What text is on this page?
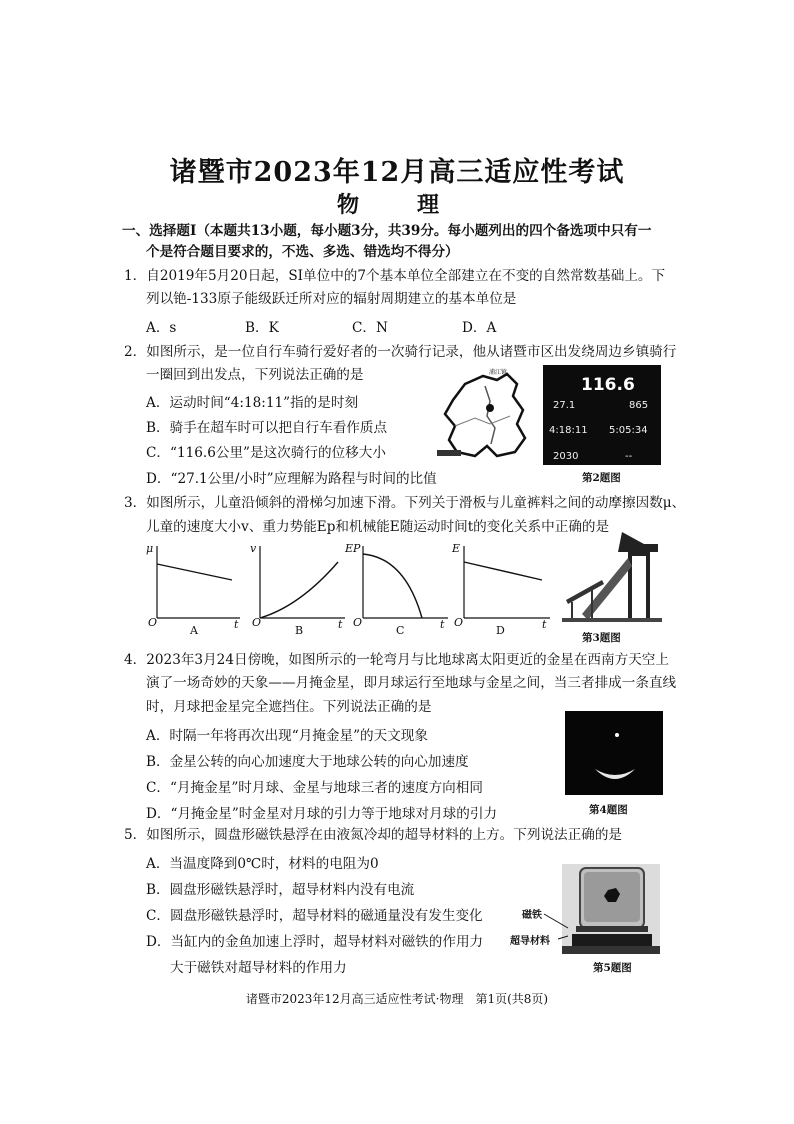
诸暨市2023年12月高三适应性考试
物　理
一、选择题Ⅰ（本题共13小题，每小题3分，共39分。每小题列出的四个备选项中只有一
个是符合题目要求的，不选、多选、错选均不得分）
1．自2019年5月20日起，SI单位中的7个基本单位全部建立在不变的自然常数基础上。下
列以铯-133原子能级跃迁所对应的辐射周期建立的基本单位是
A．s	B．K	C．N	D．A
2．如图所示，是一位自行车骑行爱好者的一次骑行记录，他从诸暨市区出发绕周边乡镇骑行
一圈回到出发点，下列说法正确的是
A．运动时间“4:18:11”指的是时刻
B．骑手在超车时可以把自行车看作质点
C．“116.6公里”是这次骑行的位移大小
D．“27.1公里/小时”应理解为路程与时间的比值
浦江镇
116.6
27.1	865
4:18:11 5:05:34
2030	--
第2题图
3．如图所示，儿童沿倾斜的滑梯匀加速下滑。下列关于滑板与儿童裤料之间的动摩擦因数μ、
儿童的速度大小v、重力势能Ep和机械能E随运动时间t的变化关系中正确的是
μ
O	t
A
v
O	t
B
EP
O	t
C
E
O	t
D
第3题图
4．2023年3月24日傍晚，如图所示的一轮弯月与比地球离太阳更近的金星在西南方天空上
演了一场奇妙的天象——月掩金星，即月球运行至地球与金星之间，当三者排成一条直线
时，月球把金星完全遮挡住。下列说法正确的是
A．时隔一年将再次出现“月掩金星”的天文现象
B．金星公转的向心加速度大于地球公转的向心加速度
C．“月掩金星”时月球、金星与地球三者的速度方向相同
D．“月掩金星”时金星对月球的引力等于地球对月球的引力	第4题图
5．如图所示，圆盘形磁铁悬浮在由液氮冷却的超导材料的上方。下列说法正确的是
A．当温度降到0℃时，材料的电阻为0
B．圆盘形磁铁悬浮时，超导材料内没有电流
C．圆盘形磁铁悬浮时，超导材料的磁通量没有发生变化
D．当缸内的金鱼加速上浮时，超导材料对磁铁的作用力
大于磁铁对超导材料的作用力
磁铁
超导材料
第5题图
诸暨市2023年12月高三适应性考试·物理　第1页(共8页)
